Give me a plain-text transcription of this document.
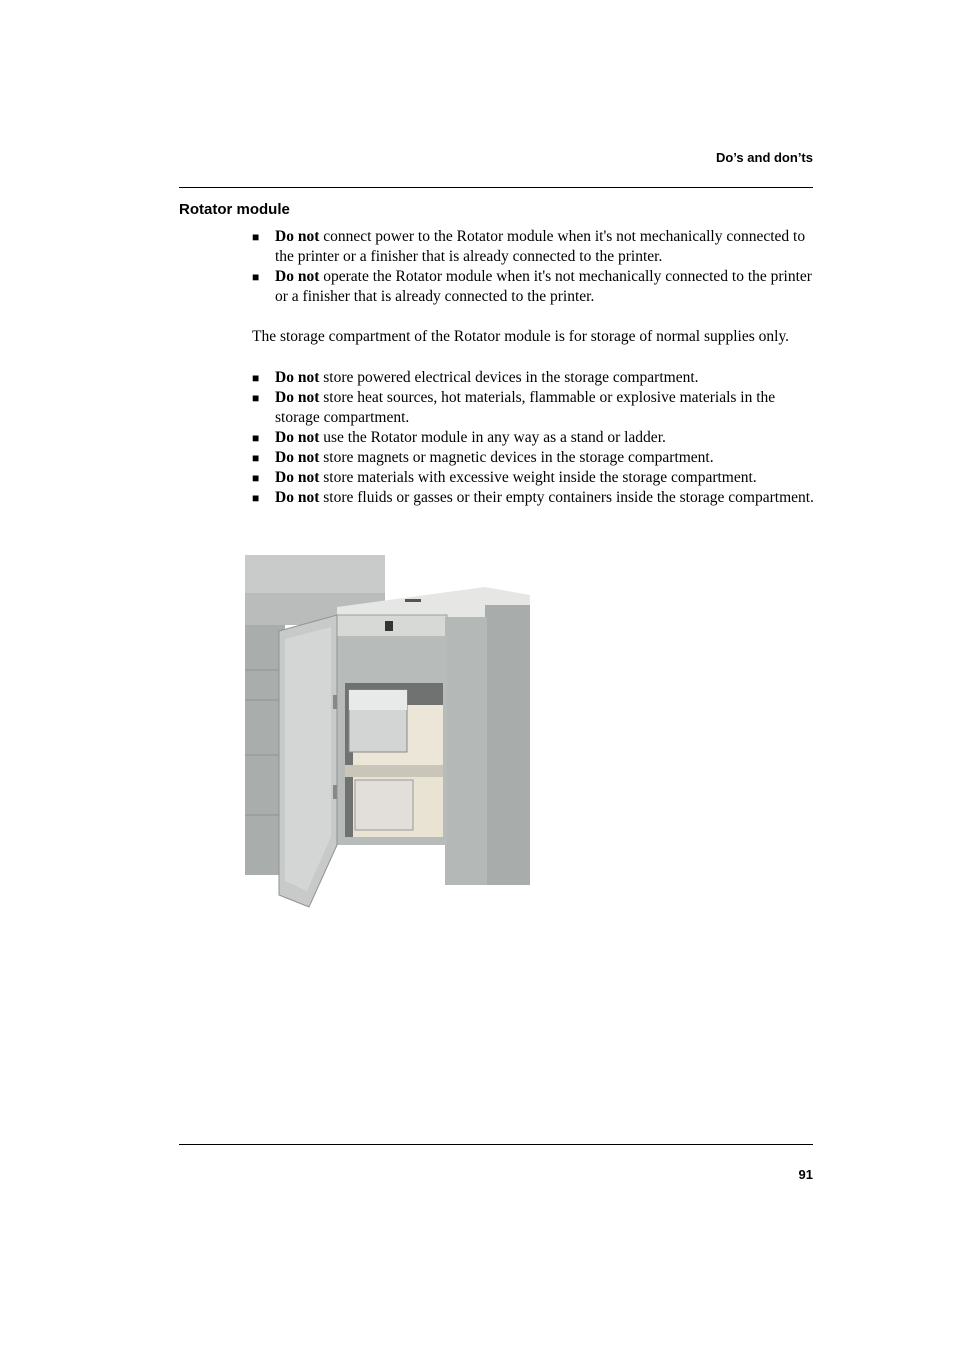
Do’s and don’ts
Rotator module
■ Do not connect power to the Rotator module when it's not mechanically connected to the printer or a finisher that is already connected to the printer.
■ Do not operate the Rotator module when it's not mechanically connected to the printer or a finisher that is already connected to the printer.
The storage compartment of the Rotator module is for storage of normal supplies only.
■ Do not store powered electrical devices in the storage compartment.
■ Do not store heat sources, hot materials, flammable or explosive materials in the storage compartment.
■ Do not use the Rotator module in any way as a stand or ladder.
■ Do not store magnets or magnetic devices in the storage compartment.
■ Do not store materials with excessive weight inside the storage compartment.
■ Do not store fluids or gasses or their empty containers inside the storage compartment.
91
